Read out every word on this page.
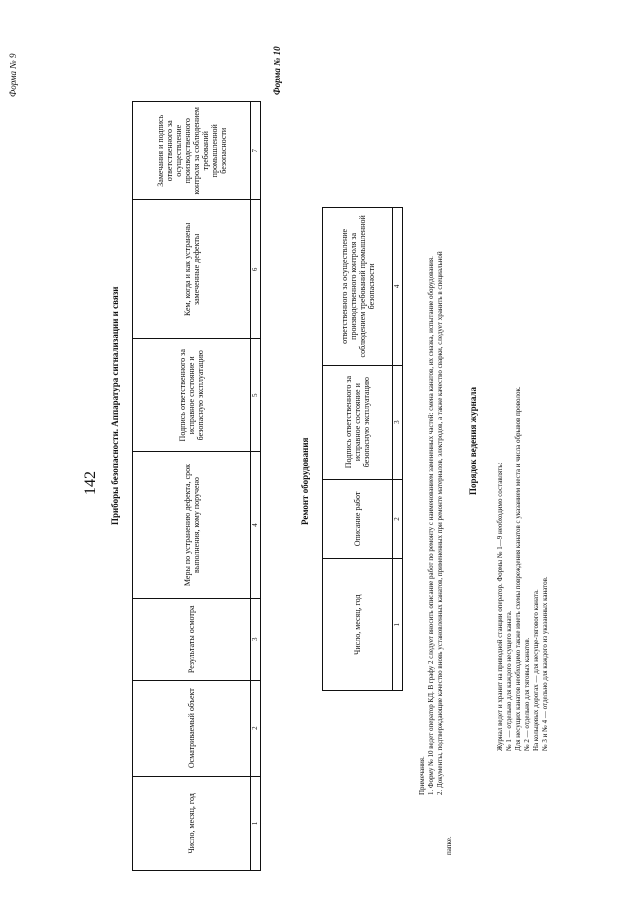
142
Форма № 9	Форма № 10
Приборы безопасности. Аппаратура сигнализации и связи
Число, месяц, год	Осматриваемый объект	Результаты осмотра	Меры по устранению дефекта, срок выполнения, кому поручено	Подпись ответственного за исправное состояние и безопасную эксплуатацию	Кем, когда и как устранены замеченные дефекты	Замечания и подпись ответственного за осуществление производственного контроля за соблюдением требований промышленной безопасности
1	2	3	4	5	6	7
Ремонт оборудования
Число, месяц, год	Описание работ	Подпись ответственного за исправное состояние и безопасную эксплуатацию	ответственного за осуществление производственного контроля за соблюдением требований промышленной безопасности
1	2	3	4
Примечания. 1. Форму № 10 ведет оператор КД. В графу 2 следует вносить описание работ по ремонту с наименованием замененных частей: смена канатов, их смазка, испытание оборудования. 2. Документы, подтверждающие качество вновь установленных канатов, примененных при ремонте материалов, электродов, а также качество сварки, следует хранить в специальной
папке.
Порядок ведения журнала
Журнал ведет и хранит на приводной станции оператор. Формы № 1—9 необходимо составлять: № 1 — отдельно для каждого несущего каната. Для несущих канатов необходимо также иметь схемы повреждения канатов с указанием места и числа обрывов проволок. № 2 — отдельно для тяговых канатов. На кольцевых дорогах — для несуще-тягового каната. № 3 и № 4 — отдельно для каждого из указанных канатов.
